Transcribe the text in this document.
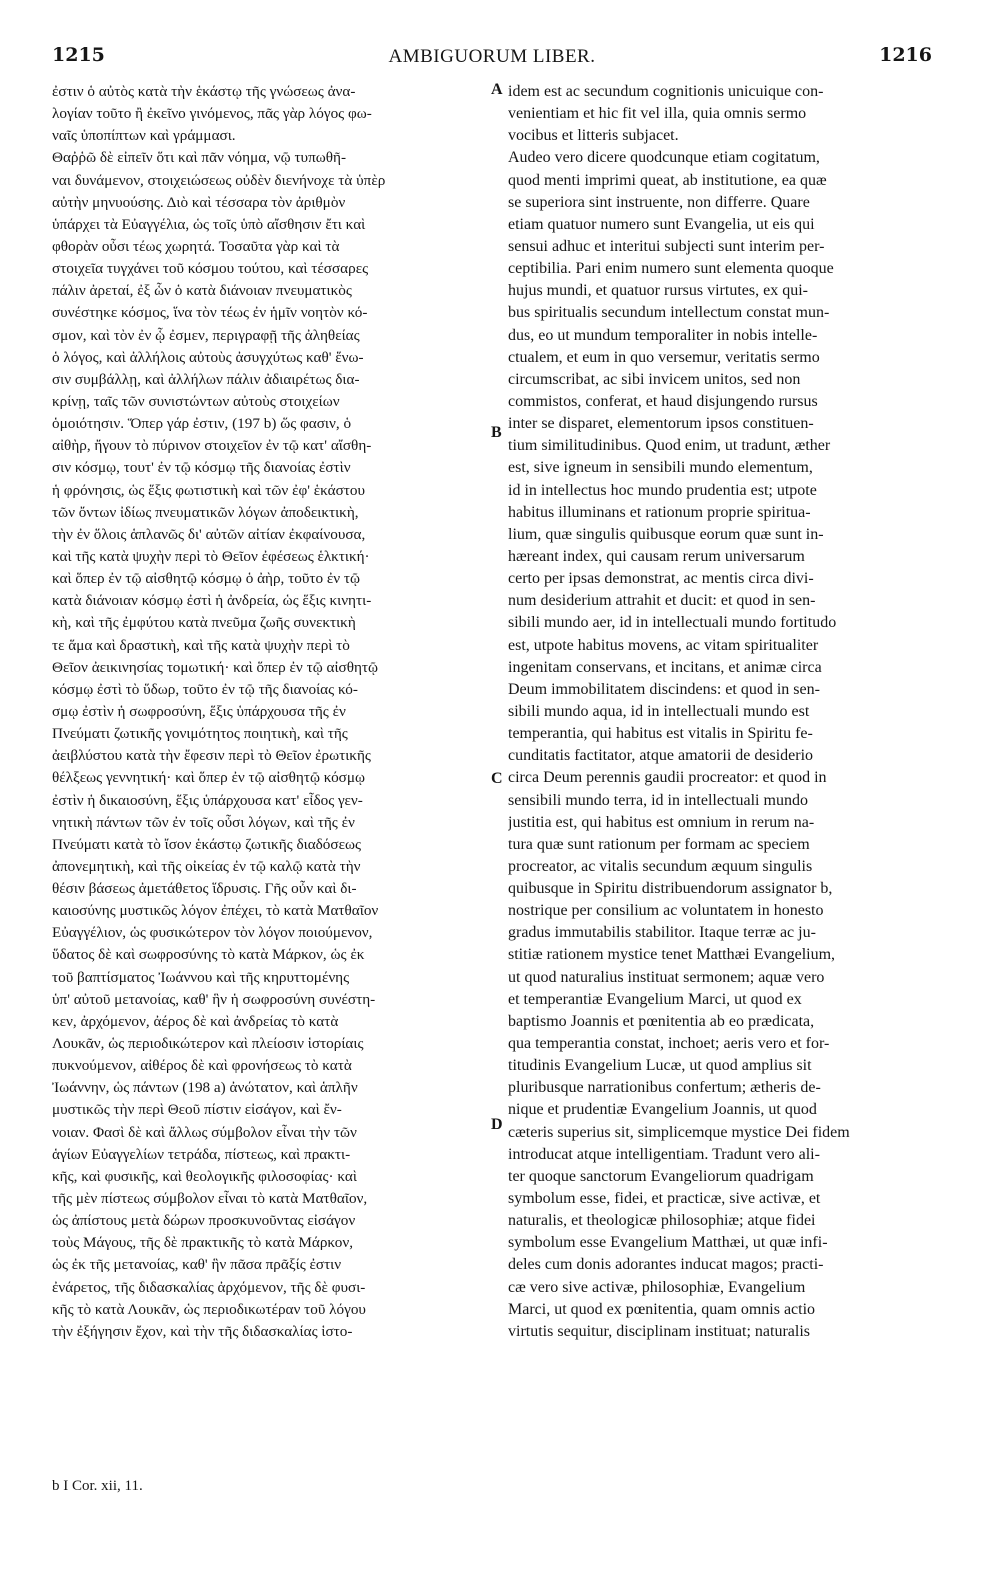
1215	AMBIGUORUM LIBER.	1216
ἐστιν ὁ αὐτὸς κατὰ τὴν ἑκάστῳ τῆς γνώσεως ἀνα-
λογίαν τοῦτο ἢ ἐκεῖνο γινόμενος, πᾶς γὰρ λόγος φω-
ναῖς ὑποπίπτων καὶ γράμμασι.
Θαῤῥῶ δὲ εἰπεῖν ὅτι καὶ πᾶν νόημα, νῷ τυπωθῆ-
ναι δυνάμενον, στοιχειώσεως οὐδὲν διενήνοχε τὰ ὑπὲρ
αὐτὴν μηνυούσης. Διὸ καὶ τέσσαρα τὸν ἀριθμὸν
ὑπάρχει τὰ Εὐαγγέλια, ὡς τοῖς ὑπὸ αἴσθησιν ἔτι καὶ
φθορὰν οὖσι τέως χωρητά. Τοσαῦτα γὰρ καὶ τὰ
στοιχεῖα τυγχάνει τοῦ κόσμου τούτου, καὶ τέσσαρες
πάλιν ἀρεταί, ἐξ ὧν ὁ κατὰ διάνοιαν πνευματικὸς
συνέστηκε κόσμος, ἵνα τὸν τέως ἐν ἡμῖν νοητὸν κό-
σμον, καὶ τὸν ἐν ᾧ ἐσμεν, περιγραφῇ τῆς ἀληθείας
ὁ λόγος, καὶ ἀλλήλοις αὐτοὺς ἀσυγχύτως καθ' ἕνω-
σιν συμβάλλῃ, καὶ ἀλλήλων πάλιν ἀδιαιρέτως δια-
κρίνῃ, ταῖς τῶν συνιστώντων αὐτοὺς στοιχείων
ὁμοιότησιν. Ὅπερ γάρ ἐστιν, (197 b) ὥς φασιν, ὁ
αἰθὴρ, ἤγουν τὸ πύρινον στοιχεῖον ἐν τῷ κατ' αἴσθη-
σιν κόσμῳ, τουτ' ἐν τῷ κόσμῳ τῆς διανοίας ἐστὶν
ἡ φρόνησις, ὡς ἕξις φωτιστικὴ καὶ τῶν ἐφ' ἑκάστου
τῶν ὄντων ἰδίως πνευματικῶν λόγων ἀποδεικτικὴ,
τὴν ἐν ὅλοις ἁπλανῶς δι' αὐτῶν αἰτίαν ἐκφαίνουσα,
καὶ τῆς κατὰ ψυχὴν περὶ τὸ Θεῖον ἐφέσεως ἑλκτική·
καὶ ὅπερ ἐν τῷ αἰσθητῷ κόσμῳ ὁ ἀὴρ, τοῦτο ἐν τῷ
κατὰ διάνοιαν κόσμῳ ἐστὶ ἡ ἀνδρεία, ὡς ἕξις κινητι-
κὴ, καὶ τῆς ἐμφύτου κατὰ πνεῦμα ζωῆς συνεκτικὴ
τε ἅμα καὶ δραστικὴ, καὶ τῆς κατὰ ψυχὴν περὶ τὸ
Θεῖον ἀεικινησίας τομωτική· καὶ ὅπερ ἐν τῷ αἰσθητῷ
κόσμῳ ἐστὶ τὸ ὕδωρ, τοῦτο ἐν τῷ τῆς διανοίας κό-
σμῳ ἐστὶν ἡ σωφροσύνη, ἕξις ὑπάρχουσα τῆς ἐν
Πνεύματι ζωτικῆς γονιμότητος ποιητικὴ, καὶ τῆς
ἀειβλύστου κατὰ τὴν ἔφεσιν περὶ τὸ Θεῖον ἐρωτικῆς
θέλξεως γεννητική· καὶ ὅπερ ἐν τῷ αἰσθητῷ κόσμῳ
ἐστὶν ἡ δικαιοσύνη, ἕξις ὑπάρχουσα κατ' εἶδος γεν-
νητικὴ πάντων τῶν ἐν τοῖς οὖσι λόγων, καὶ τῆς ἐν
Πνεύματι κατὰ τὸ ἴσον ἑκάστῳ ζωτικῆς διαδόσεως
ἀπονεμητικὴ, καὶ τῆς οἰκείας ἐν τῷ καλῷ κατὰ τὴν
θέσιν βάσεως ἀμετάθετος ἵδρυσις. Γῆς οὖν καὶ δι-
καιοσύνης μυστικῶς λόγον ἐπέχει, τὸ κατὰ Ματθαῖον
Εὐαγγέλιον, ὡς φυσικώτερον τὸν λόγον ποιούμενον,
ὕδατος δὲ καὶ σωφροσύνης τὸ κατὰ Μάρκον, ὡς ἐκ
τοῦ βαπτίσματος Ἰωάννου καὶ τῆς κηρυττομένης
ὑπ' αὐτοῦ μετανοίας, καθ' ἣν ἡ σωφροσύνη συνέστη-
κεν, ἀρχόμενον, ἀέρος δὲ καὶ ἀνδρείας τὸ κατὰ
Λουκᾶν, ὡς περιοδικώτερον καὶ πλείοσιν ἱστορίαις
πυκνούμενον, αἰθέρος δὲ καὶ φρονήσεως τὸ κατὰ
Ἰωάννην, ὡς πάντων (198 a) ἀνώτατον, καὶ ἁπλῆν
μυστικῶς τὴν περὶ Θεοῦ πίστιν εἰσάγον, καὶ ἔν-
νοιαν. Φασὶ δὲ καὶ ἄλλως σύμβολον εἶναι τὴν τῶν
ἁγίων Εὐαγγελίων τετράδα, πίστεως, καὶ πρακτι-
κῆς, καὶ φυσικῆς, καὶ θεολογικῆς φιλοσοφίας· καὶ
τῆς μὲν πίστεως σύμβολον εἶναι τὸ κατὰ Ματθαῖον,
ὡς ἀπίστους μετὰ δώρων προσκυνοῦντας εἰσάγον
τοὺς Μάγους, τῆς δὲ πρακτικῆς τὸ κατὰ Μάρκον,
ὡς ἐκ τῆς μετανοίας, καθ' ἣν πᾶσα πρᾶξίς ἐστιν
ἐνάρετος, τῆς διδασκαλίας ἀρχόμενον, τῆς δὲ φυσι-
κῆς τὸ κατὰ Λουκᾶν, ὡς περιοδικωτέραν τοῦ λόγου
τὴν ἐξήγησιν ἔχον, καὶ τὴν τῆς διδασκαλίας ἱστο-
A
B
C
D
idem est ac secundum cognitionis unicuique con-
venientiam et hic fit vel illa, quia omnis sermo
vocibus et litteris subjacet.
Audeo vero dicere quodcunque etiam cogitatum,
quod menti imprimi queat, ab institutione, ea quæ
se superiora sint instruente, non differre. Quare
etiam quatuor numero sunt Evangelia, ut eis qui
sensui adhuc et interitui subjecti sunt interim per-
ceptibilia. Pari enim numero sunt elementa quoque
hujus mundi, et quatuor rursus virtutes, ex qui-
bus spiritualis secundum intellectum constat mun-
dus, eo ut mundum temporaliter in nobis intelle-
ctualem, et eum in quo versemur, veritatis sermo
circumscribat, ac sibi invicem unitos, sed non
commistos, conferat, et haud disjungendo rursus
inter se disparet, elementorum ipsos constituen-
tium similitudinibus. Quod enim, ut tradunt, æther
est, sive igneum in sensibili mundo elementum,
id in intellectus hoc mundo prudentia est; utpote
habitus illuminans et rationum proprie spiritua-
lium, quæ singulis quibusque eorum quæ sunt in-
hæreant index, qui causam rerum universarum
certo per ipsas demonstrat, ac mentis circa divi-
num desiderium attrahit et ducit: et quod in sen-
sibili mundo aer, id in intellectuali mundo fortitudo
est, utpote habitus movens, ac vitam spiritualiter
ingenitam conservans, et incitans, et animæ circa
Deum immobilitatem discindens: et quod in sen-
sibili mundo aqua, id in intellectuali mundo est
temperantia, qui habitus est vitalis in Spiritu fe-
cunditatis factitator, atque amatorii de desiderio
circa Deum perennis gaudii procreator: et quod in
sensibili mundo terra, id in intellectuali mundo
justitia est, qui habitus est omnium in rerum na-
tura quæ sunt rationum per formam ac speciem
procreator, ac vitalis secundum æquum singulis
quibusque in Spiritu distribuendorum assignator b,
nostrique per consilium ac voluntatem in honesto
gradus immutabilis stabilitor. Itaque terræ ac ju-
stitiæ rationem mystice tenet Matthæi Evangelium,
ut quod naturalius instituat sermonem; aquæ vero
et temperantiæ Evangelium Marci, ut quod ex
baptismo Joannis et pœnitentia ab eo prædicata,
qua temperantia constat, inchoet; aeris vero et for-
titudinis Evangelium Lucæ, ut quod amplius sit
pluribusque narrationibus confertum; ætheris de-
nique et prudentiæ Evangelium Joannis, ut quod
cæteris superius sit, simplicemque mystice Dei fidem
introducat atque intelligentiam. Tradunt vero ali-
ter quoque sanctorum Evangeliorum quadrigam
symbolum esse, fidei, et practicæ, sive activæ, et
naturalis, et theologicæ philosophiæ; atque fidei
symbolum esse Evangelium Matthæi, ut quæ infi-
deles cum donis adorantes inducat magos; practi-
cæ vero sive activæ, philosophiæ, Evangelium
Marci, ut quod ex pœnitentia, quam omnis actio
virtutis sequitur, disciplinam instituat; naturalis
b I Cor. xii, 11.
